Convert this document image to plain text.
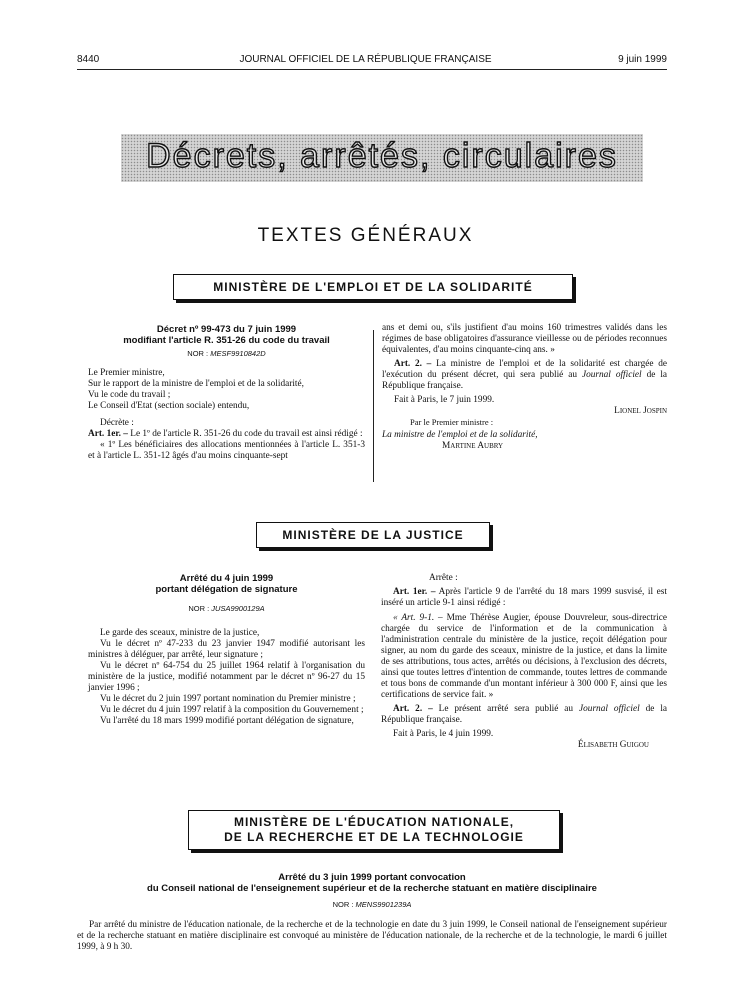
8440	JOURNAL OFFICIEL DE LA RÉPUBLIQUE FRANÇAISE	9 juin 1999
Décrets, arrêtés, circulaires
TEXTES GÉNÉRAUX
MINISTÈRE DE L'EMPLOI ET DE LA SOLIDARITÉ

Décret nº 99-473 du 7 juin 1999

modifiant l'article R. 351-26 du code du travail

NOR : MESF9910842D

Le Premier ministre,

Sur le rapport de la ministre de l'emploi et de la solidarité,

Vu le code du travail ;

Le Conseil d'Etat (section sociale) entendu,

Décrète :

Art. 1er. – Le 1º de l'article R. 351-26 du code du travail est ainsi rédigé :

« 1º Les bénéficiaires des allocations mentionnées à l'article L. 351-3 et à l'article L. 351-12 âgés d'au moins cinquante-sept

ans et demi ou, s'ils justifient d'au moins 160 trimestres validés dans les régimes de base obligatoires d'assurance vieillesse ou de périodes reconnues équivalentes, d'au moins cinquante-cinq ans. »

Art. 2. – La ministre de l'emploi et de la solidarité est chargée de l'exécution du présent décret, qui sera publié au Journal officiel de la République française.

Fait à Paris, le 7 juin 1999.

Lionel Jospin

Par le Premier ministre :

La ministre de l'emploi et de la solidarité,

Martine Aubry

MINISTÈRE DE LA JUSTICE

Arrêté du 4 juin 1999

portant délégation de signature

NOR : JUSA9900129A

Le garde des sceaux, ministre de la justice,

Vu le décret nº 47-233 du 23 janvier 1947 modifié autorisant les ministres à déléguer, par arrêté, leur signature ;

Vu le décret nº 64-754 du 25 juillet 1964 relatif à l'organisation du ministère de la justice, modifié notamment par le décret nº 96-27 du 15 janvier 1996 ;

Vu le décret du 2 juin 1997 portant nomination du Premier ministre ;

Vu le décret du 4 juin 1997 relatif à la composition du Gouvernement ;

Vu l'arrêté du 18 mars 1999 modifié portant délégation de signature,

Arrête :

Art. 1er. – Après l'article 9 de l'arrêté du 18 mars 1999 susvisé, il est inséré un article 9-1 ainsi rédigé :

« Art. 9-1. – Mme Thérèse Augier, épouse Douvreleur, sous-directrice chargée du service de l'information et de la communication à l'administration centrale du ministère de la justice, reçoit délégation pour signer, au nom du garde des sceaux, ministre de la justice, et dans la limite de ses attributions, tous actes, arrêtés ou décisions, à l'exclusion des décrets, ainsi que toutes lettres d'intention de commande, toutes lettres de commande et tous bons de commande d'un montant inférieur à 300 000 F, ainsi que les certifications de service fait. »

Art. 2. – Le présent arrêté sera publié au Journal officiel de la République française.

Fait à Paris, le 4 juin 1999.

Élisabeth Guigou

MINISTÈRE DE L'ÉDUCATION NATIONALE,
DE LA RECHERCHE ET DE LA TECHNOLOGIE

Arrêté du 3 juin 1999 portant convocation

du Conseil national de l'enseignement supérieur et de la recherche statuant en matière disciplinaire

NOR : MENS9901239A

Par arrêté du ministre de l'éducation nationale, de la recherche et de la technologie en date du 3 juin 1999, le Conseil national de l'enseignement supérieur et de la recherche statuant en matière disciplinaire est convoqué au ministère de l'éducation nationale, de la recherche et de la technologie, le mardi 6 juillet 1999, à 9 h 30.
